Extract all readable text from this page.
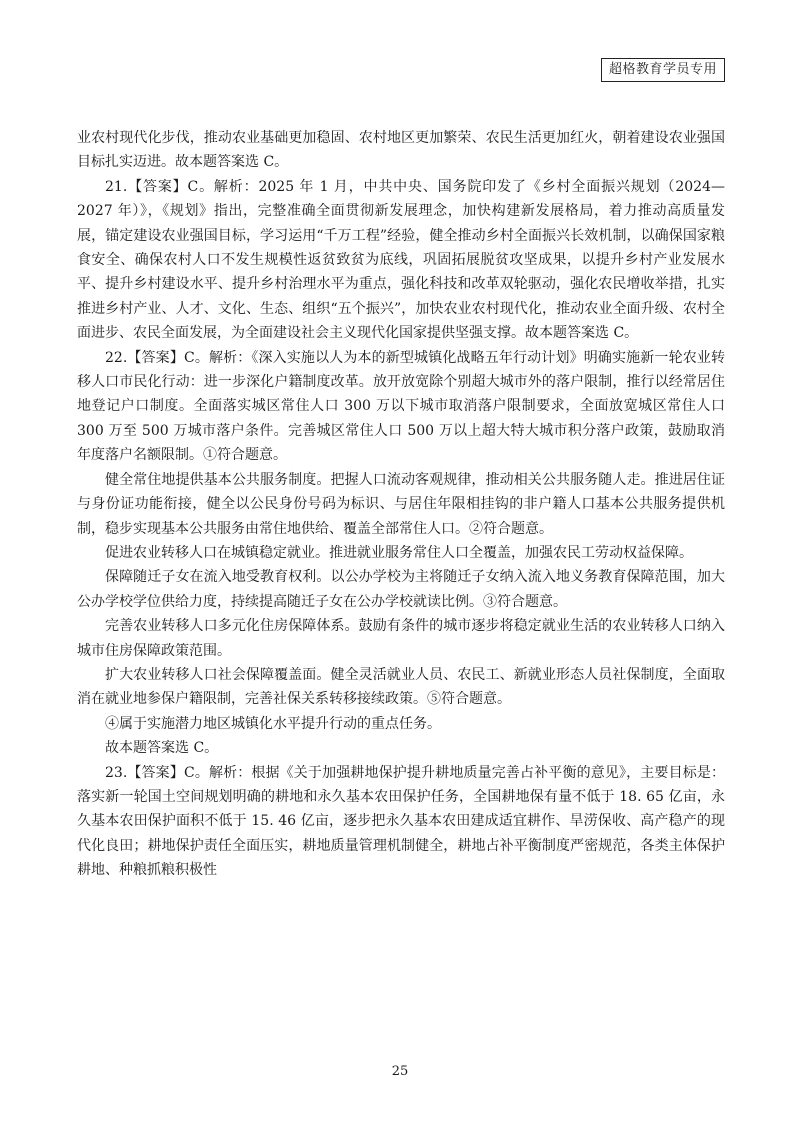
超格教育学员专用

业农村现代化步伐，推动农业基础更加稳固、农村地区更加繁荣、农民生活更加红火，朝着建设农业强国目标扎实迈进。故本题答案选 C。

21.【答案】C。解析：2025 年 1 月，中共中央、国务院印发了《乡村全面振兴规划（2024—2027 年）》，《规划》指出，完整准确全面贯彻新发展理念，加快构建新发展格局，着力推动高质量发展，锚定建设农业强国目标，学习运用“千万工程”经验，健全推动乡村全面振兴长效机制，以确保国家粮食安全、确保农村人口不发生规模性返贫致贫为底线，巩固拓展脱贫攻坚成果，以提升乡村产业发展水平、提升乡村建设水平、提升乡村治理水平为重点，强化科技和改革双轮驱动，强化农民增收举措，扎实推进乡村产业、人才、文化、生态、组织“五个振兴”，加快农业农村现代化，推动农业全面升级、农村全面进步、农民全面发展，为全面建设社会主义现代化国家提供坚强支撑。故本题答案选 C。

22.【答案】C。解析：《深入实施以人为本的新型城镇化战略五年行动计划》明确实施新一轮农业转移人口市民化行动：进一步深化户籍制度改革。放开放宽除个别超大城市外的落户限制，推行以经常居住地登记户口制度。全面落实城区常住人口 300 万以下城市取消落户限制要求，全面放宽城区常住人口 300 万至 500 万城市落户条件。完善城区常住人口 500 万以上超大特大城市积分落户政策，鼓励取消年度落户名额限制。①符合题意。

健全常住地提供基本公共服务制度。把握人口流动客观规律，推动相关公共服务随人走。推进居住证与身份证功能衔接，健全以公民身份号码为标识、与居住年限相挂钩的非户籍人口基本公共服务提供机制，稳步实现基本公共服务由常住地供给、覆盖全部常住人口。②符合题意。

促进农业转移人口在城镇稳定就业。推进就业服务常住人口全覆盖，加强农民工劳动权益保障。

保障随迁子女在流入地受教育权利。以公办学校为主将随迁子女纳入流入地义务教育保障范围，加大公办学校学位供给力度，持续提高随迁子女在公办学校就读比例。③符合题意。

完善农业转移人口多元化住房保障体系。鼓励有条件的城市逐步将稳定就业生活的农业转移人口纳入城市住房保障政策范围。

扩大农业转移人口社会保障覆盖面。健全灵活就业人员、农民工、新就业形态人员社保制度，全面取消在就业地参保户籍限制，完善社保关系转移接续政策。⑤符合题意。

④属于实施潜力地区城镇化水平提升行动的重点任务。

故本题答案选 C。

23.【答案】C。解析：根据《关于加强耕地保护提升耕地质量完善占补平衡的意见》，主要目标是：落实新一轮国土空间规划明确的耕地和永久基本农田保护任务，全国耕地保有量不低于 18. 65 亿亩，永久基本农田保护面积不低于 15. 46 亿亩，逐步把永久基本农田建成适宜耕作、旱涝保收、高产稳产的现代化良田；耕地保护责任全面压实，耕地质量管理机制健全，耕地占补平衡制度严密规范，各类主体保护耕地、种粮抓粮积极性

25
